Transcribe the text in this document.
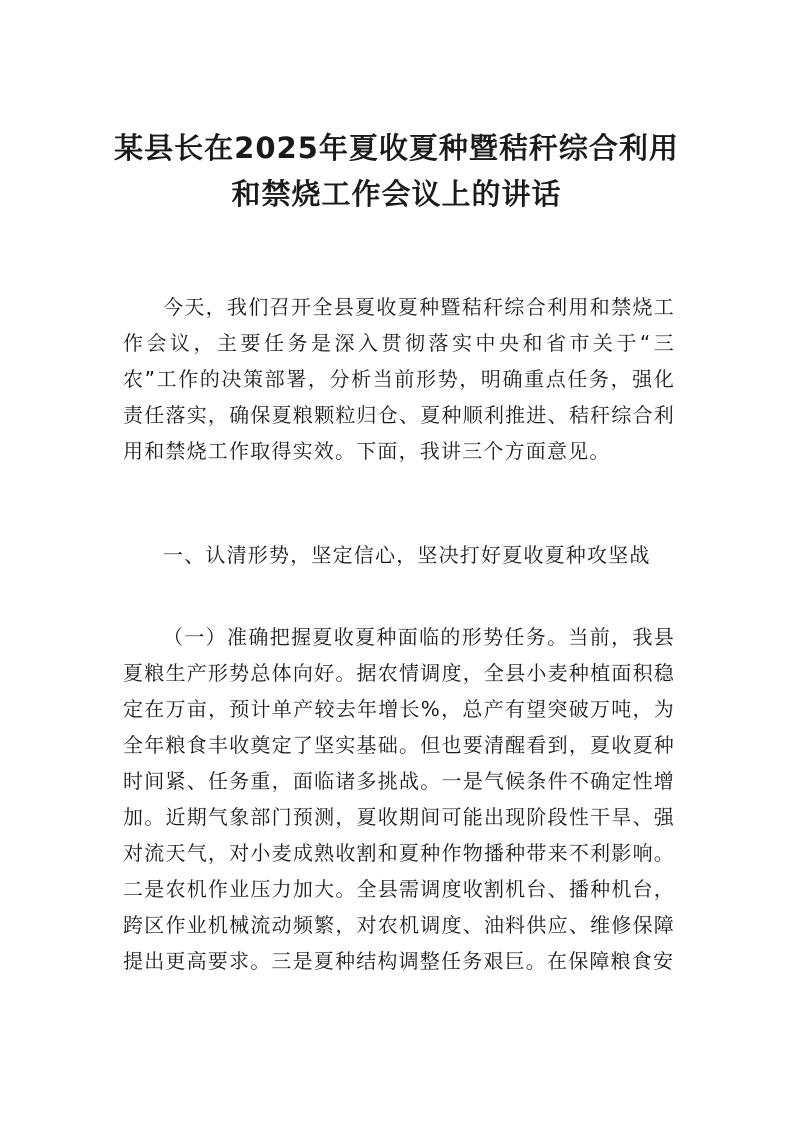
某县长在2025年夏收夏种暨秸秆综合利用
和禁烧工作会议上的讲话
今天，我们召开全县夏收夏种暨秸秆综合利用和禁烧工作会议，主要任务是深入贯彻落实中央和省市关于“三农”工作的决策部署，分析当前形势，明确重点任务，强化责任落实，确保夏粮颗粒归仓、夏种顺利推进、秸秆综合利用和禁烧工作取得实效。下面，我讲三个方面意见。
一、认清形势，坚定信心，坚决打好夏收夏种攻坚战
（一）准确把握夏收夏种面临的形势任务。当前，我县夏粮生产形势总体向好。据农情调度，全县小麦种植面积稳定在万亩，预计单产较去年增长%，总产有望突破万吨，为全年粮食丰收奠定了坚实基础。但也要清醒看到，夏收夏种时间紧、任务重，面临诸多挑战。一是气候条件不确定性增加。近期气象部门预测，夏收期间可能出现阶段性干旱、强对流天气，对小麦成熟收割和夏种作物播种带来不利影响。二是农机作业压力加大。全县需调度收割机台、播种机台，跨区作业机械流动频繁，对农机调度、油料供应、维修保障提出更高要求。三是夏种结构调整任务艰巨。在保障粮食安
